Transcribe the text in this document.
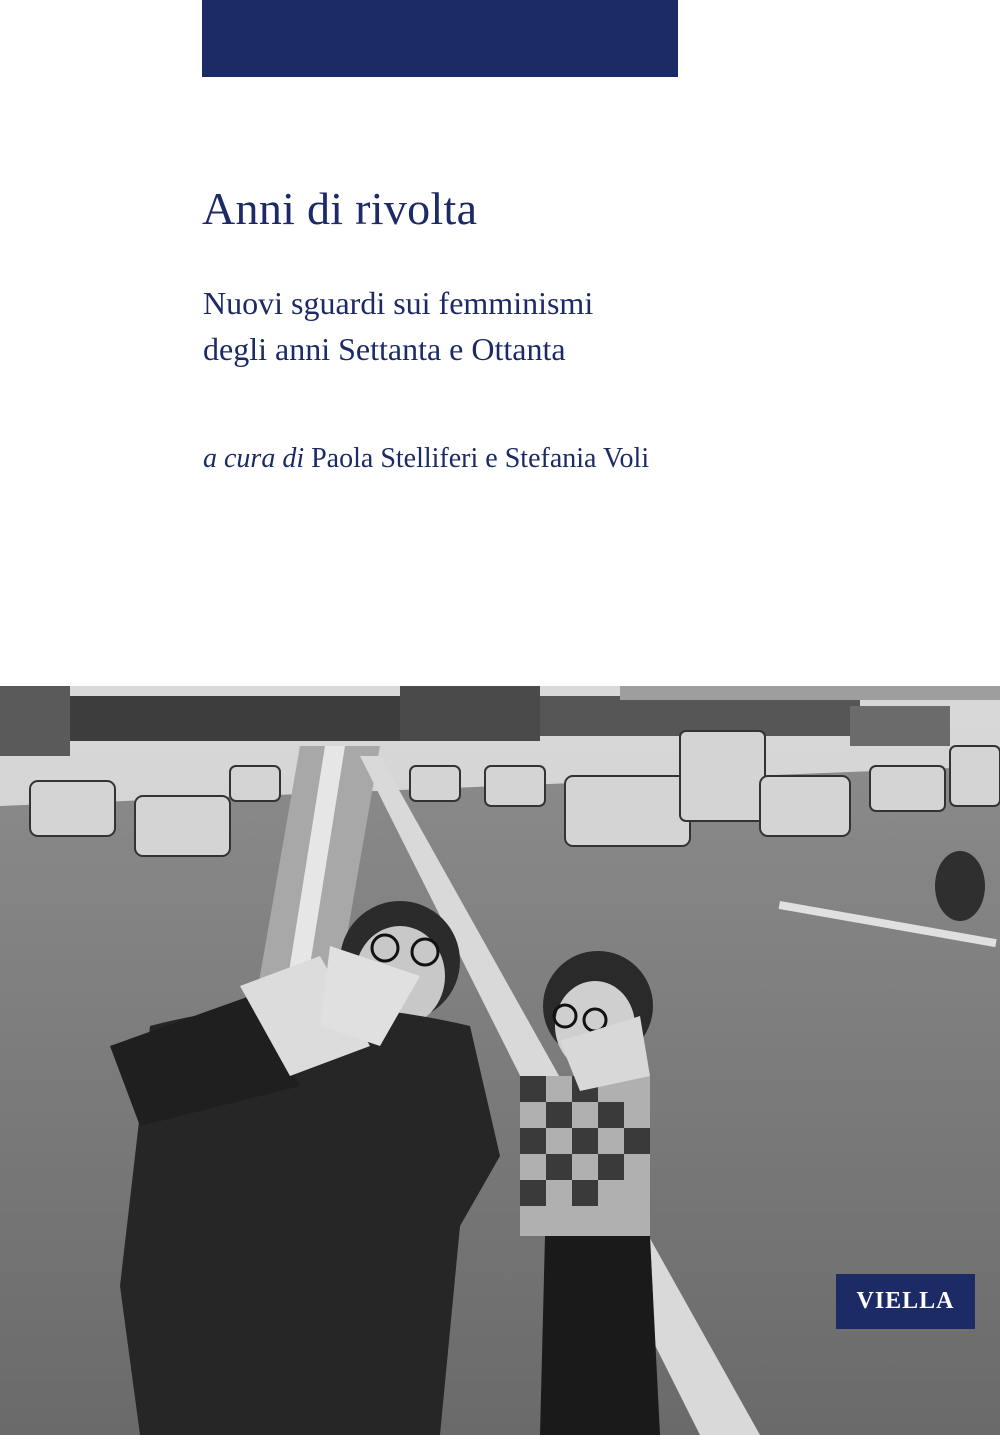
Anni di rivolta
Nuovi sguardi sui femminismi
degli anni Settanta e Ottanta
a cura di Paola Stelliferi e Stefania Voli
VIELLA
